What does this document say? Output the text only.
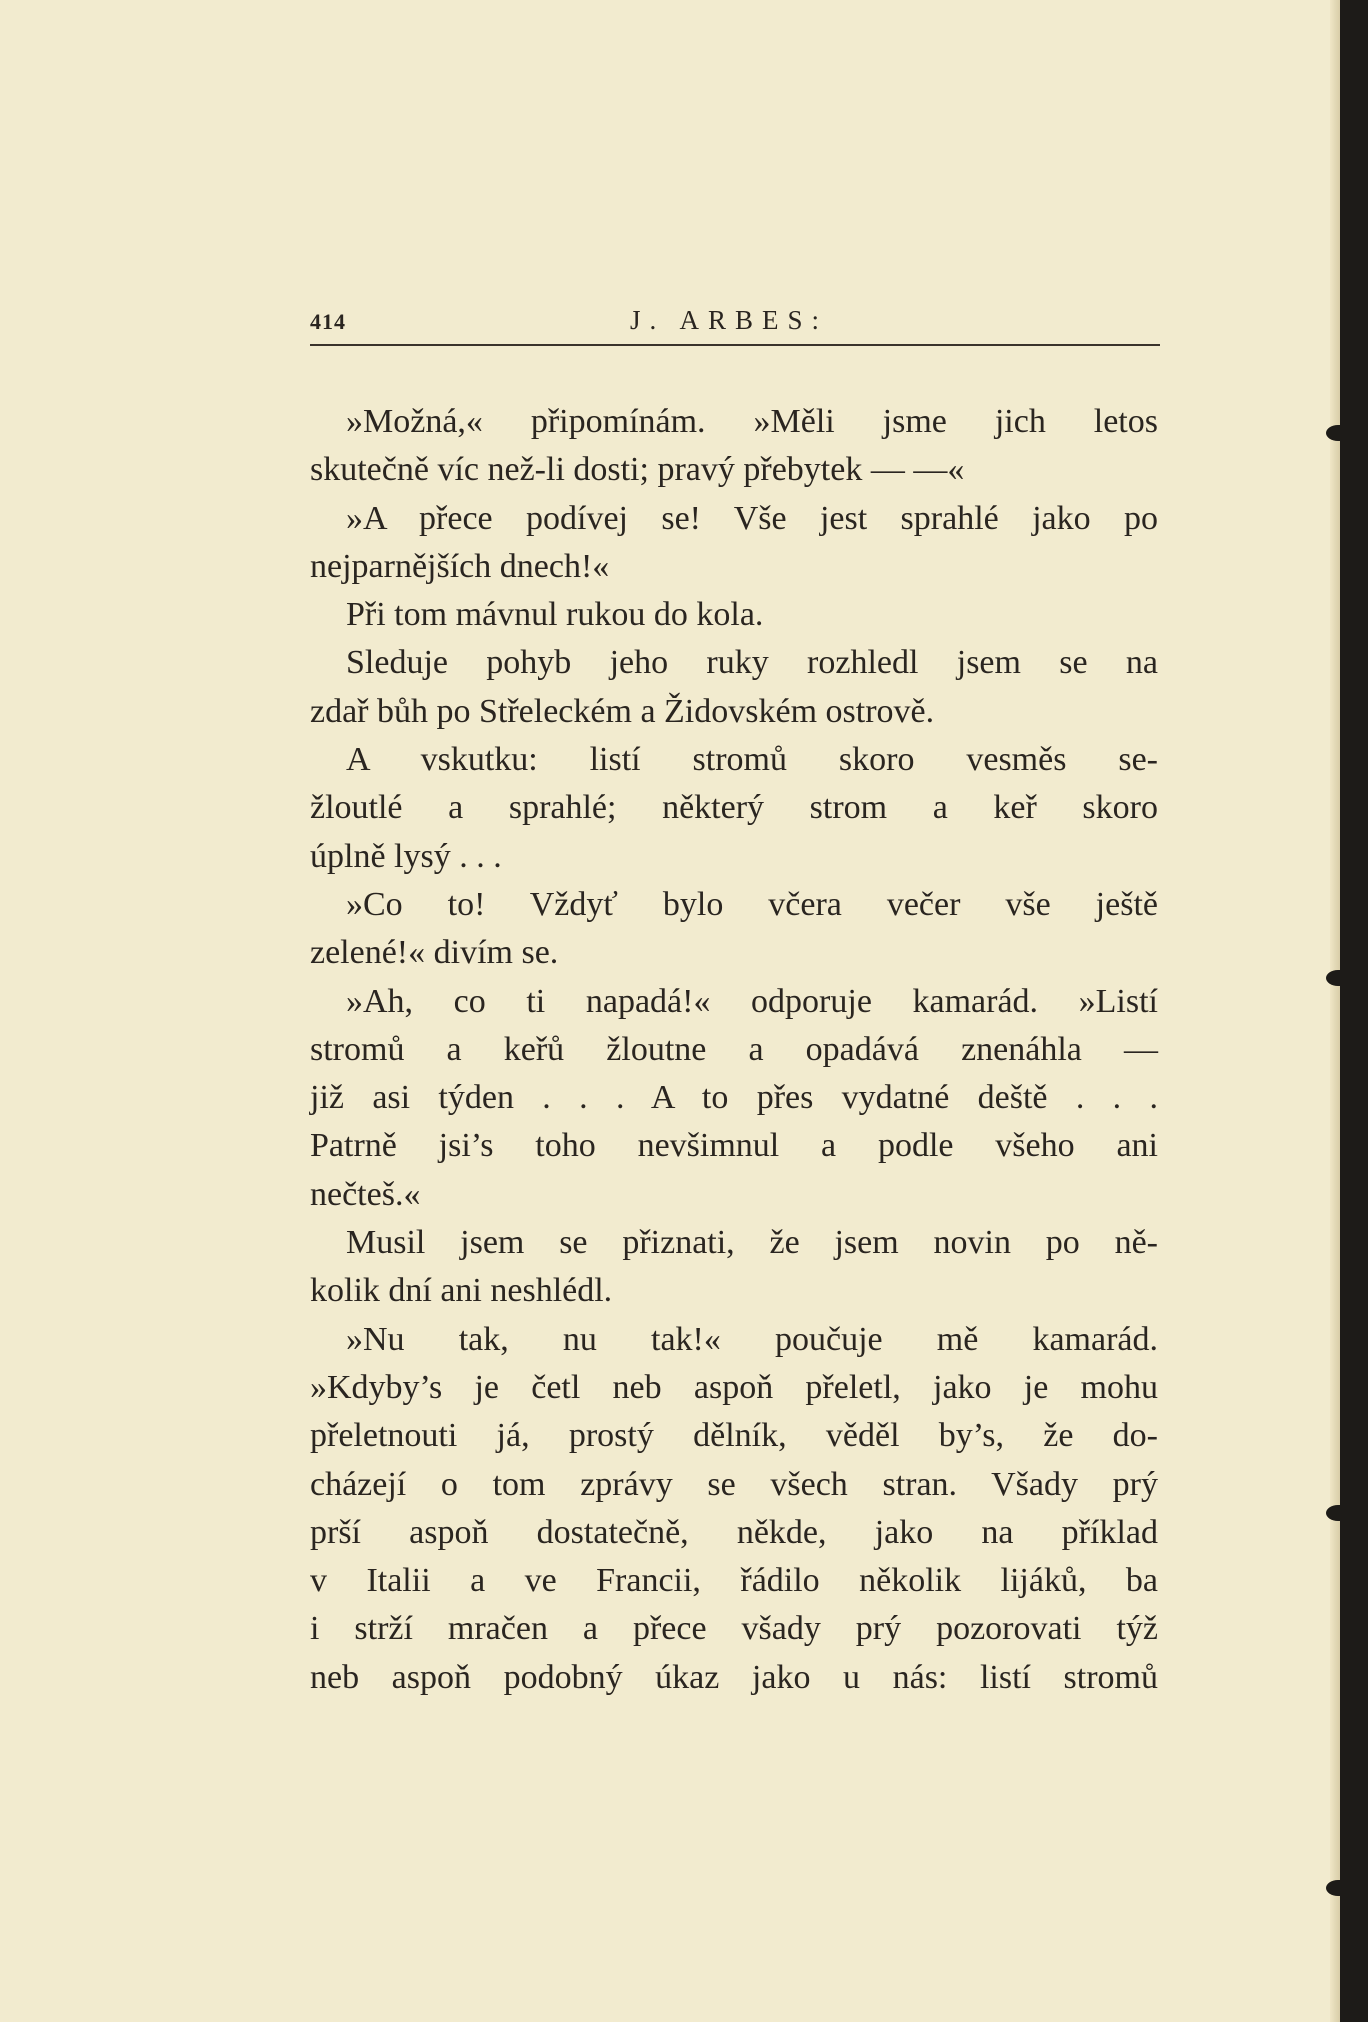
414	J. ARBES:
»Možná,« připomínám. »Měli jsme jich letos
skutečně víc než-li dosti; pravý přebytek — —«
»A přece podívej se! Vše jest sprahlé jako po
nejparnějších dnech!«
Při tom mávnul rukou do kola.
Sleduje pohyb jeho ruky rozhledl jsem se na
zdař bůh po Střeleckém a Židovském ostrově.
A vskutku: listí stromů skoro vesměs se-
žloutlé a sprahlé; některý strom a keř skoro
úplně lysý . . .
»Co to! Vždyť bylo včera večer vše ještě
zelené!« divím se.
»Ah, co ti napadá!« odporuje kamarád. »Listí
stromů a keřů žloutne a opadává znenáhla —
již asi týden . . . A to přes vydatné deště . . .
Patrně jsi’s toho nevšimnul a podle všeho ani
nečteš.«
Musil jsem se přiznati, že jsem novin po ně-
kolik dní ani neshlédl.
»Nu tak, nu tak!« poučuje mě kamarád.
»Kdyby’s je četl neb aspoň přeletl, jako je mohu
přeletnouti já, prostý dělník, věděl by’s, že do-
cházejí o tom zprávy se všech stran. Všady prý
prší aspoň dostatečně, někde, jako na příklad
v Italii a ve Francii, řádilo několik lijáků, ba
i strží mračen a přece všady prý pozorovati týž
neb aspoň podobný úkaz jako u nás: listí stromů
